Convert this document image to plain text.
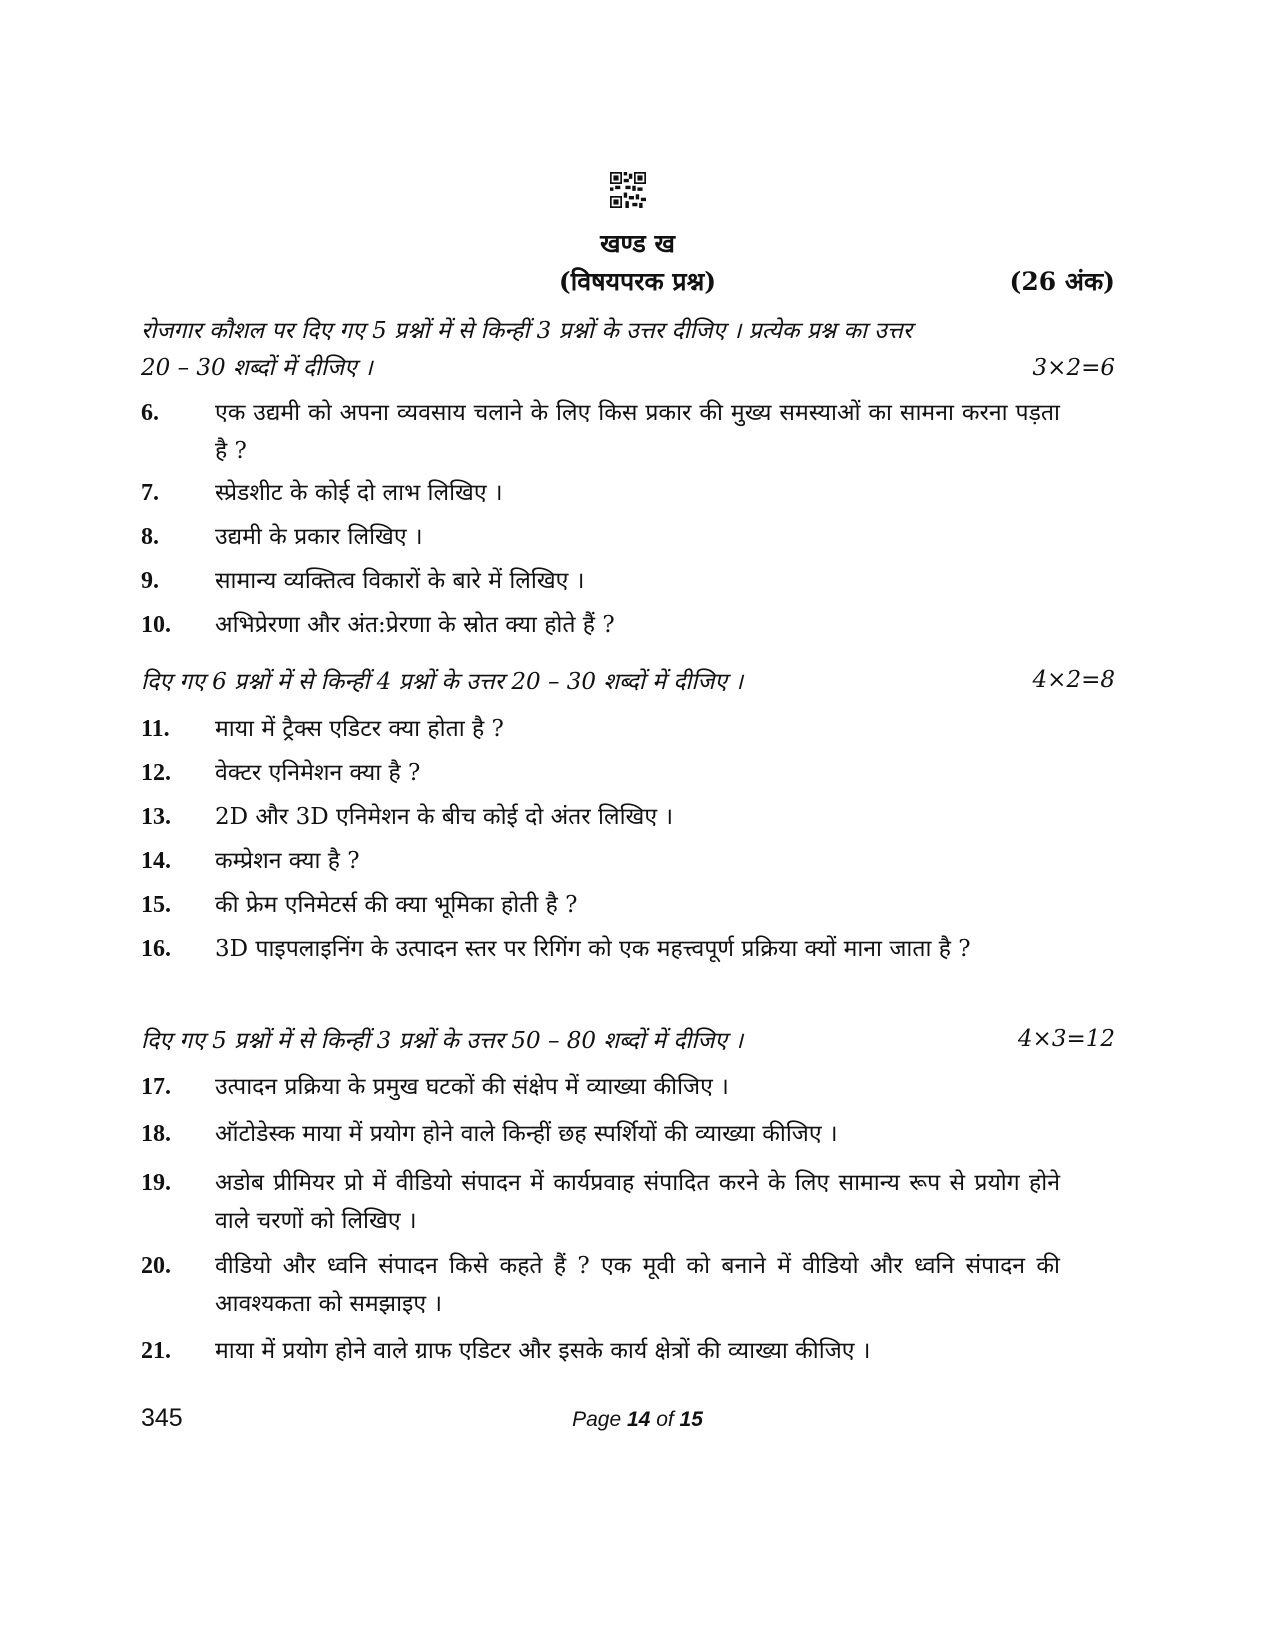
खण्ड ख
(विषयपरक प्रश्न)	(26 अंक)
रोजगार कौशल पर दिए गए 5 प्रश्नों में से किन्हीं 3 प्रश्नों के उत्तर दीजिए । प्रत्येक प्रश्न का उत्तर
20 – 30 शब्दों में दीजिए ।	3×2=6
6.	एक उद्यमी को अपना व्यवसाय चलाने के लिए किस प्रकार की मुख्य समस्याओं का सामना करना पड़ता है ?
7.	स्प्रेडशीट के कोई दो लाभ लिखिए ।
8.	उद्यमी के प्रकार लिखिए ।
9.	सामान्य व्यक्तित्व विकारों के बारे में लिखिए ।
10.	अभिप्रेरणा और अंत:प्रेरणा के स्रोत क्या होते हैं ?
दिए गए 6 प्रश्नों में से किन्हीं 4 प्रश्नों के उत्तर 20 – 30 शब्दों में दीजिए ।	4×2=8
11.	माया में ट्रैक्स एडिटर क्या होता है ?
12.	वेक्टर एनिमेशन क्या है ?
13.	2D और 3D एनिमेशन के बीच कोई दो अंतर लिखिए ।
14.	कम्प्रेशन क्या है ?
15.	की फ्रेम एनिमेटर्स की क्या भूमिका होती है ?
16.	3D पाइपलाइनिंग के उत्पादन स्तर पर रिगिंग को एक महत्त्वपूर्ण प्रक्रिया क्यों माना जाता है ?
दिए गए 5 प्रश्नों में से किन्हीं 3 प्रश्नों के उत्तर 50 – 80 शब्दों में दीजिए ।	4×3=12
17.	उत्पादन प्रक्रिया के प्रमुख घटकों की संक्षेप में व्याख्या कीजिए ।
18.	ऑटोडेस्क माया में प्रयोग होने वाले किन्हीं छह स्पर्शियों की व्याख्या कीजिए ।
19.	अडोब प्रीमियर प्रो में वीडियो संपादन में कार्यप्रवाह संपादित करने के लिए सामान्य रूप से प्रयोग होने वाले चरणों को लिखिए ।
20.	वीडियो और ध्वनि संपादन किसे कहते हैं ? एक मूवी को बनाने में वीडियो और ध्वनि संपादन की आवश्यकता को समझाइए ।
21.	माया में प्रयोग होने वाले ग्राफ एडिटर और इसके कार्य क्षेत्रों की व्याख्या कीजिए ।
345	Page 14 of 15
